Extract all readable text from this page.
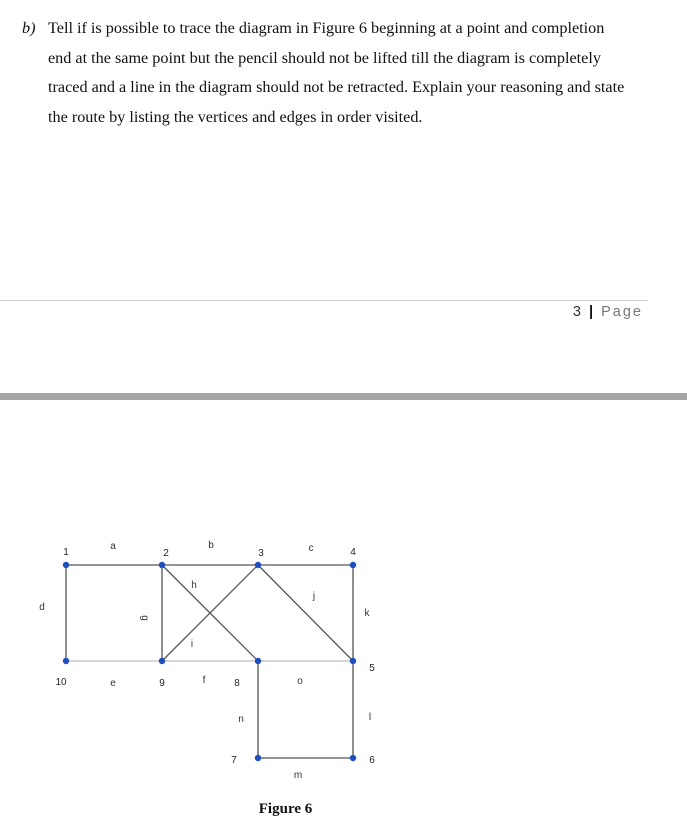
b) Tell if is possible to trace the diagram in Figure 6 beginning at a point and completion
end at the same point but the pencil should not be lifted till the diagram is completely
traced and a line in the diagram should not be retracted. Explain your reasoning and state
the route by listing the vertices and edges in order visited.
3 | Page
1	2	3	4
5
6
7
8
9
10
a	b	c
d
e	f
g
h
i
j
k
l
m
n
o
Figure 6
